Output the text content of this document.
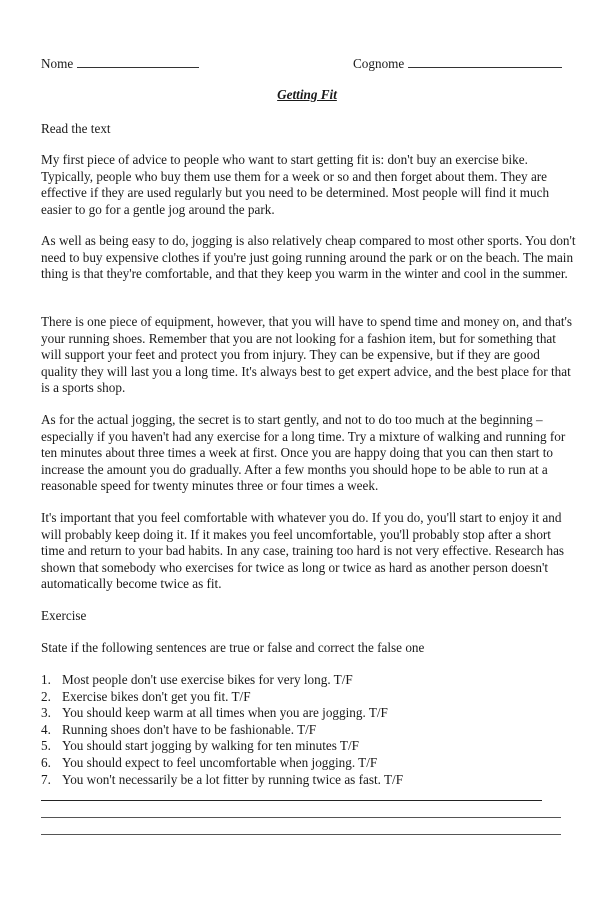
Nome	Cognome
Getting Fit
Read the text

My first piece of advice to people who want to start getting fit is: don't buy an exercise bike. Typically, people who buy them use them for a week or so and then forget about them. They are effective if they are used regularly but you need to be determined. Most people will find it much easier to go for a gentle jog around the park.

As well as being easy to do, jogging is also relatively cheap compared to most other sports. You don't need to buy expensive clothes if you're just going running around the park or on the beach. The main thing is that they're comfortable, and that they keep you warm in the winter and cool in the summer.

There is one piece of equipment, however, that you will have to spend time and money on, and that's your running shoes. Remember that you are not looking for a fashion item, but for something that will support your feet and protect you from injury. They can be expensive, but if they are good quality they will last you a long time. It's always best to get expert advice, and the best place for that is a sports shop.

As for the actual jogging, the secret is to start gently, and not to do too much at the beginning – especially if you haven't had any exercise for a long time. Try a mixture of walking and running for ten minutes about three times a week at first. Once you are happy doing that you can then start to increase the amount you do gradually. After a few months you should hope to be able to run at a reasonable speed for twenty minutes three or four times a week.

It's important that you feel comfortable with whatever you do. If you do, you'll start to enjoy it and will probably keep doing it. If it makes you feel uncomfortable, you'll probably stop after a short time and return to your bad habits. In any case, training too hard is not very effective. Research has shown that somebody who exercises for twice as long or twice as hard as another person doesn't automatically become twice as fit.

Exercise
State if the following sentences are true or false and correct the false one
1. Most people don't use exercise bikes for very long. T/F
2. Exercise bikes don't get you fit. T/F
3. You should keep warm at all times when you are jogging. T/F
4. Running shoes don't have to be fashionable. T/F
5. You should start jogging by walking for ten minutes T/F
6. You should expect to feel uncomfortable when jogging. T/F
7. You won't necessarily be a lot fitter by running twice as fast. T/F
